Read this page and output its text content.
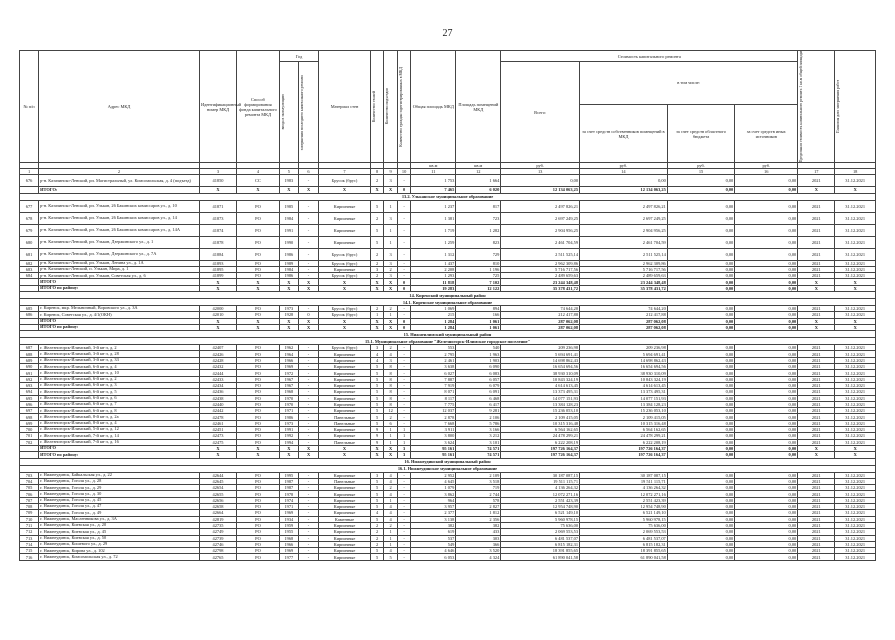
27
№ п/п	Адрес МКД	Идентификационный номер МКД	Способ формирования фонда капитального ремонта МКД	Год		Материал стен	Количество этажей	Количество подъездов	Количество граждан зарегистрированных в МКД	Общая площадь МКД	Площадь помещений МКД	Стоимость капитального ремонта				Предельная стоимость капитального ремонта 1 кв.м общей площади	Плановая дата завершения работ

				ввода в эксплуатацию	завершения последнего капитального ремонта							Всего:	в том числе:				
													за счет средств собственников помещений в МКД	за счет средств областного бюджета	за счет средств иных источников		
										кв.м	кв.м	руб.	руб.	руб.	руб.		
1	2	3	4	5	6	7	8	9	10	11	12	13	14	15	16	17	18
676	р-н. Казачинско-Ленский, рп. Магистральный, ул. Комсомольская, д. 4 (подъезд)	41850	СС	1983	-	Брусок (брус)	2	3	-	1 753	1 664	0,00	0,00	0,00	0,00	2021	31.12.2021
	ИТОГО:	X	X	X	X	X	X	X	0	7 465	6 020	12 134 063,25	12 134 063,25	0,00	0,00	X	X
13.2. Ульканское муниципальное образование																	
677	р-н. Казачинско-Ленский, рп. Улькан, 26 Бакинских комиссаров ул., д. 10	41871	РО	1985	-	Кирпичные	5	1	-	1 237	817	2 497 826,21	2 497 826,21	0,00	0,00	2021	31.12.2021
678	р-н. Казачинско-Ленский, рп. Улькан, 26 Бакинских комиссаров ул., д. 14	41873	РО	1984	-	Кирпичные	2	3	-	1 381	723	2 697 249,25	2 697 249,25	0,00	0,00	2021	31.12.2021
679	р-н. Казачинско-Ленский, рп. Улькан, 26 Бакинских комиссаров ул., д. 14А	41874	РО	1991	-	Кирпичные	5	1	-	1 719	1 282	2 904 956,25	2 904 956,25	0,00	0,00	2021	31.12.2021
680	р-н. Казачинско-Ленский, рп. Улькан, Дзержинского ул., д. 1	41878	РО	1990	-	Кирпичные	5	1	-	1 259	823	2 461 704,59	2 461 704,59	0,00	0,00	2021	31.12.2021
681	р-н. Казачинско-Ленский, рп. Улькан, Дзержинского ул., д. 7А	41884	РО	1986	-	Брусок (брус)	2	3	-	1 312	729	2 511 525,14	2 511 525,14	0,00	0,00	2021	31.12.2021
682	р-н. Казачинско-Ленский, рп. Улькан, Ленина ул., д. 1А	41893	РО	1989	-	Брусок (брус)	2	3	-	1 437	810	2 962 309,86	2 962 309,86	0,00	0,00	2021	31.12.2021
683	р-н. Казачинско-Ленский, п. Улькан, Мира, д. 1	41895	РО	1984	-	Кирпичные	3	2	-	2 208	1 196	5 716 717,56	5 716 717,56	0,00	0,00	2021	31.12.2021
684	р-н. Казачинско-Ленский, рп. Улькан, Советская ул., д. 6	41899	РО	1986	-	Брусок (брус)	2	3	-	1 293	725	2 489 659,63	2 489 659,63	0,00	0,00	2021	31.12.2021
	ИТОГО	X	X	X	X	X	X	X	0	11 818	7 102	23 244 348,48	23 244 348,48	0,00	0,00	X	X
	ИТОГО по району:	X	X	X	X	X	X	X	0	19 283	12 122	35 378 431,72	35 378 431,72	0,00	0,00	X	X
14. Киренский муниципальный район																	
14.1. Киренское муниципальное образование																	
685	г. Киренск, мкр. Мельничный, Воровского ул., д. 3А	42000	РО	1973	-	Брусок (брус)	2	2	-	1 069	894	74 644,20	74 644,20	0,00	0,00	2021	31.12.2021
686	г. Киренск, Советская ул., д. 4/1(ОКН)	42010	РО	1928	0	Брусок (брус)	1	1	-	215	166	212 417,88	212 417,88	0,00	0,00	2021	31.12.2021
	ИТОГО	X	X	X	X	X	X	X	0	1 284	1 061	287 062,08	287 062,08	0,00	0,00	X	X
	ИТОГО по району:	X	X	X	X	X	X	X	0	1 284	1 061	287 062,08	287 062,08	0,00	0,00	X	X
15. Нижнеилимский муниципальный район																	
15.1. Муниципальное образование "Железногорск-Илимское городское поселение"																	
687	г. Железногорск-Илимский, 3-й кв-л, д. 2	42407	РО	1962	-	Брусок (брус)	3	2	-	553	540	209 236,98	209 236,98	0,00	0,00	2021	31.12.2021
688	г. Железногорск-Илимский, 3-й кв-л, д. 28	42426	РО	1964	-	Кирпичные	4	4	-	2 795	1 963	5 694 691,41	5 694 691,41	0,00	0,00	2021	31.12.2021
689	г. Железногорск-Илимский, 3-й кв-л, д. 33	42428	РО	1966	-	Кирпичные	4	3	-	2 461	1 903	14 698 862,43	14 698 862,43	0,00	0,00	2021	31.12.2021
690	г. Железногорск-Илимский, 6-й кв-л, д. 4	42432	РО	1969	-	Кирпичные	5	8	-	3 638	6 090	16 654 694,56	16 654 694,56	0,00	0,00	2021	31.12.2021
691	г. Железногорск-Илимский, 6-й кв-л, д. 10	42444	РО	1972	-	Кирпичные	5	8	-	6 027	6 083	38 930 310,09	38 930 310,09	0,00	0,00	2021	31.12.2021
692	г. Железногорск-Илимский, 6-й кв-л, д. 2	42433	РО	1967	-	Кирпичные	5	8	-	7 887	6 057	10 843 324,19	10 843 324,19	0,00	0,00	2021	31.12.2021
693	г. Железногорск-Илимский, 6-й кв-л, д. 3	42434	РО	1967	-	Кирпичные	5	8	-	7 919	6 079	4 614 613,45	4 614 613,45	0,00	0,00	2021	31.12.2021
694	г. Железногорск-Илимский, 6-й кв-л, д. 5	42436	РО	1968	-	Кирпичные	5	8	-	8 071	6 091	13 373 495,31	13 373 495,31	0,00	0,00	2021	31.12.2021
695	г. Железногорск-Илимский, 6-й кв-л, д. 6	42438	РО	1970	-	Кирпичные	5	8	-	8 117	6 468	14 077 151,93	14 077 151,93	0,00	0,00	2021	31.12.2021
696	г. Железногорск-Илимский, 6-й кв-л, д. 7	42440	РО	1970	-	Кирпичные	5	8	-	7 775	6 417	13 384 128,23	13 384 128,23	0,00	0,00	2021	31.12.2021
697	г. Железногорск-Илимский, 6-й кв-л, д. 8	42442	РО	1971	-	Кирпичные	5	12	-	12 037	9 281	15 236 053,10	15 236 053,10	0,00	0,00	2021	31.12.2021
698	г. Железногорск-Илимский, 8-й кв-л, д. 2а	42478	РО	1986	-	Панельные	5	2	-	2 878	2 106	2 109 415,05	2 109 415,05	0,00	0,00	2021	31.12.2021
699	г. Железногорск-Илимский, 8-й кв-л, д. 4	42461	РО	1973	-	Панельные	5	6	-	7 668	5 786	10 315 316,48	10 315 316,48	0,00	0,00	2021	31.12.2021
700	г. Железногорск-Илимский, 5-й кв-л, д. 12	42451	РО	1991	-	Кирпичные	9	1	1	3 911	3 166	6 564 162,65	6 564 162,65	0,00	0,00	2021	31.12.2021
701	г. Железногорск-Илимский, 7-й кв-л, д. 14	42473	РО	1992	-	Кирпичные	9	1	1	3 800	3 212	24 478 299,21	24 478 299,21	0,00	0,00	2021	31.12.2021
702	г. Железногорск-Илимский, 7-й кв-л, д. 16	42475	РО	1994	-	Панельные	9	1	1	3 624	3 101	6 222 208,19	6 222 208,19	0,00	0,00	2021	31.12.2021
	ИТОГО	X	X	X	X	X	X	X	3	95 161	74 571	197 726 164,37	197 726 164,37	0,00	0,00	X	X
	ИТОГО по району:	X	X	X	X	X	X	X	3	95 161	74 571	197 726 164,37	197 726 164,37	0,00	0,00	X	X
16. Нижнеудинский муниципальный район																	
16.1. Нижнеудинское муниципальное образование																	
703	г. Нижнеудинск, Байкальская ул., д. 22	42644	РО	1995	-	Кирпичные	3	4	-	2 952	2 109	30 187 087,15	30 187 087,15	0,00	0,00	2021	31.12.2021
704	г. Нижнеудинск, Гоголя ул., д. 28	42645	РО	1987	-	Панельные	5	4	-	4 645	3 518	19 511 115,71	19 511 115,71	0,00	0,00	2021	31.12.2021
705	г. Нижнеудинск, Гоголя ул., д. 29	42654	РО	1987	-	Кирпичные	5	2	-	1 079	719	4 136 264,32	4 136 264,32	0,00	0,00	2021	31.12.2021
706	г. Нижнеудинск, Гоголя ул., д. 30	42655	РО	1978	-	Кирпичные	5	4	-	3 862	2 744	12 072 271,16	12 072 271,16	0,00	0,00	2021	31.12.2021
707	г. Нижнеудинск, Гоголя ул., д. 45	42656	РО	1974	-	Кирпичные	5	1	-	964	578	2 551 423,39	2 551 423,39	0,00	0,00	2021	31.12.2021
708	г. Нижнеудинск, Гоголя ул., д. 47	42658	РО	1971	-	Кирпичные	5	4	-	3 957	2 827	12 954 748,90	12 954 748,90	0,00	0,00	2021	31.12.2021
709	г. Нижнеудинск, Гоголя ул., д. 49	42664	РО	1969	-	Кирпичные	4	4	-	2 377	1 812	6 521 149,10	6 521 149,10	0,00	0,00	2021	31.12.2021
710	г. Нижнеудинск, Масленникова ул., д. 3А	42819	РО	1934	-	Каменные	5	4	-	3 138	2 356	5 960 978,15	5 960 978,15	0,00	0,00	2021	31.12.2021
711	г. Нижнеудинск, Киевская ул., д. 20	42735	РО	1959	-	Кирпичные	2	2	-	382	382	75 636,00	75 636,00	0,00	0,00	2021	31.12.2021
712	г. Нижнеудинск, Киевская ул., д. 45	42749	РО	1955	-	Кирпичные	2	1	-	619	433	2 069 553,53	2 069 553,53	0,00	0,00	2021	31.12.2021
713	г. Нижнеудинск, Киевская ул., д. 50	42739	РО	1968	-	Кирпичные	2	1	-	537	303	6 481 537,07	6 481 537,07	0,00	0,00	2021	31.12.2021
714	г. Нижнеудинск, Кошевого ул., д. 29	42746	РО	1966	-	Кирпичные	2	1	-	549	366	6 815 182,31	6 815 182,31	0,00	0,00	2021	31.12.2021
715	г. Нижнеудинск, Кирова ул., д. 102	42798	РО	1969	-	Кирпичные	5	4	-	4 646	3 520	18 391 855,65	18 391 855,65	0,00	0,00	2021	31.12.2021
716	г. Нижнеудинск, Комсомольская ул., д. 72	42765	РО	1977	-	Кирпичные	5	5	-	6 053	4 324	61 890 041,58	61 890 041,58	0,00	0,00	2021	31.12.2021
